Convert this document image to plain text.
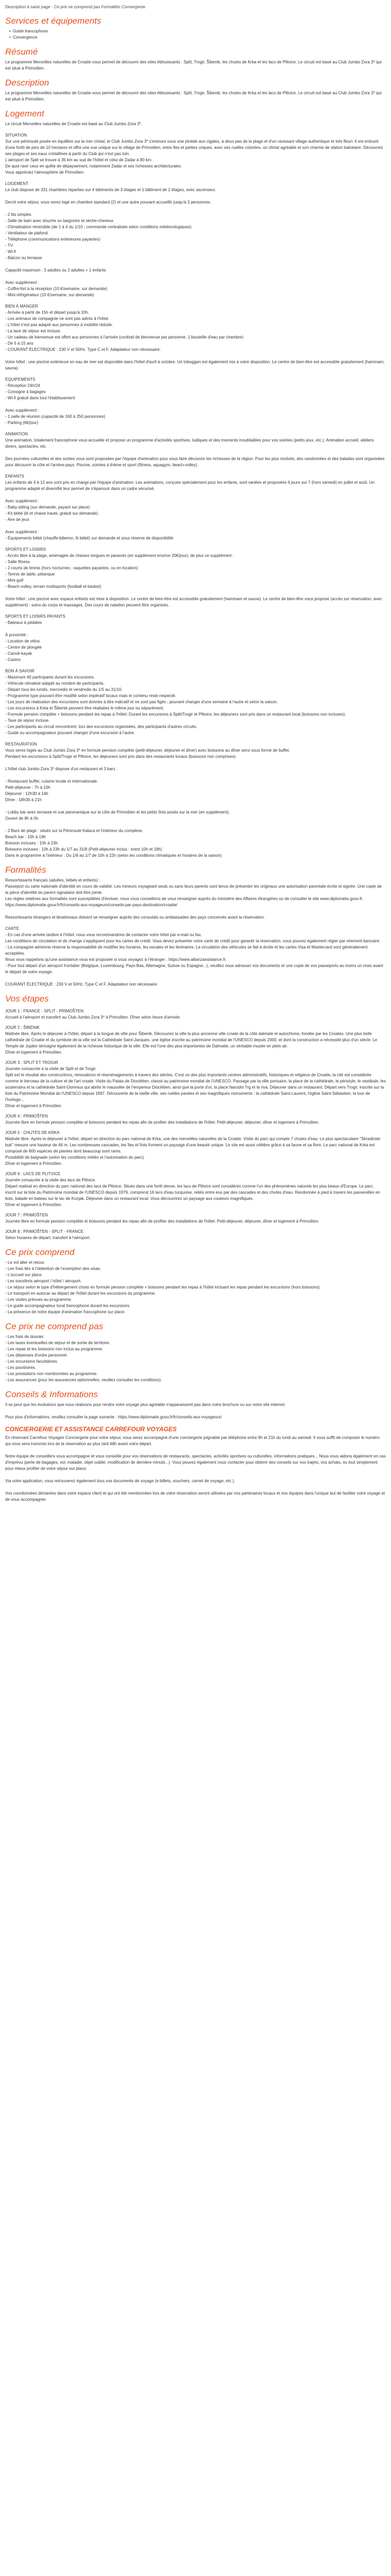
Description à saisir page - Ce prix ne comprend pas Formalités Convergente

Services et équipements
• Guide francophone
• Convergence
Résumé

Le programme Merveilles naturelles de Croatie vous permet de découvrir des sites éblouissants : Split, Trogir, Šibenik, les chutes de Krka et les lacs de Plitvice. Le circuit est basé au Club Jumbo Zora 3* qui est situé à Primošten.

Description

Le programme Merveilles naturelles de Croatie vous permet de découvrir des sites éblouissants : Split, Trogir, Šibenik, les chutes de Krka et les lacs de Plitvice. Le circuit est basé au Club Jumbo Zora 3* qui est situé à Primošten.

Logement

Le circuit Merveilles naturelles de Croatie est basé au Club Jumbo Zora 3*.

SITUATION

Sur une péninsule posée en équilibre sur la mer cristal, le Club Jumbo Zora 3* s'entoure sous une pinède aux cigales, à deux pas de la plage et d'un ravissant village authentique et très fleuri. Il est entouré d'une forêt de pins de 10 hectares et offre une vue unique sur le village de Primošten, entre îles et petites criques, avec ses ruelles colorées, un climat agréable et son charme de station balnéaire. Découvrez ses plages et ses eaux cristallines à partir du Club qui n'est pas loin.
L'aéroport de Split se trouve à 35 km au sud de l'hôtel et celui de Zadar à 80 km.
De quoi ravir ceux en quête de dépaysement, notamment Zadar et ses richesses architecturales.
Vous appréciez l'atmosphère de Primošten.

LOGEMENT

Le club dispose de 331 chambres réparties sur 4 bâtiments de 3 étages et 1 bâtiment de 2 étages, avec ascenseur.

Decrit votre séjour, vous serez logé en chambre standard (2) et une autre pouvant accueillir jusqu'à 3 personnes.

- 2 lits simples
- Salle de bain avec douche ou baignoire et sèche-cheveux
- Climatisation réversible (de 1 à 4 du 1/10 ; commande centralisée selon conditions météorologiques)
- Ventilateur de plafond
- Téléphone (communications extérieures payantes)
- TV
- Wi-fi
- Balcon ou terrasse

Capacité maximum : 3 adultes ou 2 adultes + 1 enfants

Avec supplément :
- Coffre-fort à la réception (10 €/semaine, sur demande)
- Mini-réfrigérateur (10 €/semaine, sur demande)

BIEN À MANGER

- Arrivée à partir de 15h et départ jusqu'à 10h.
- Les animaux de compagnie ne sont pas admis à l'hôtel.
- L'hôtel n'est pas adapté aux personnes à mobilité réduite.
- La taxe de séjour est incluse.
- Un cadeau de bienvenue est offert aux personnes à l'arrivée (cocktail de bienvenue par personne, 1 bouteille d'eau par chambre)
- De 5 à 15 ans
- COURANT ÉLECTRIQUE : 230 V et 50Hz. Type C et F. Adaptateur non nécessaire.

Votre hôtel : une piscine extérieure en eau de mer est disponible dans l'hôtel d'avril à octobre. Un toboggan est également mis à votre disposition. Le centre de bien-être est accessible gratuitement (hammam, sauna).

ÉQUIPEMENTS

- Réception 24h/24
- Consigne à bagages
- Wi-fi gratuit dans tout l'établissement

Avec supplément :
- 1 salle de réunion (capacité de 160 à 250 personnes)
- Parking (6€/jour)

ANIMATION

Une animation, totalement francophone vous accueille et propose un programme d'activités sportives, ludiques et des moments inoubliables pour vos soirées (petits jeux, etc.). Animation accueil, ateliers divers, spectacles, etc.

Des journées culturelles et des sorties vous sont proposées par l'équipe d'animation pour vous faire découvrir les richesses de la région. Pour les plus motivés, des randonnées et des balades sont organisées pour découvrir la côte et l'arrière-pays. Piscine, soirées à thème et sport (fitness, aquagym, beach-volley).

ENFANTS

Les enfants de 4 à 12 ans sont pris en charge par l'équipe d'animation. Les animations, conçues spécialement pour les enfants, sont variées et proposées 6 jours sur 7 (hors samedi) en juillet et août. Un programme adapté et diversifié leur permet de s'épanouir dans un cadre sécurisé.

Avec supplément :
- Baby-sitting (sur demande, payant sur place)
- Kit bébé (lit et chaise haute, gratuit sur demande)
- Aire de jeux

Avec supplément :
- Équipements bébé (chauffe-biberon, lit bébé) sur demande et sous réserve de disponibilité

SPORTS ET LOISIRS

- Accès libre à la plage, aménagée de chaises longues et parasols (en supplément environ 20€/jour), de plus ce supplément :
- Salle fitness
- 2 courts de tennis (hors nocturnes ; raquettes payantes, ou en location)
- Tennis de table, pétanque
- Mini-golf
- Beach-volley, terrain multisports (football et basket)

Votre hôtel : une piscine avec espace enfants est mise à disposition. Le centre de bien-être est accessible gratuitement (hammam et sauna). Le centre de bien-être vous propose (accès sur réservation, avec supplément) : soins du corps et massages. Des cours de natation peuvent être organisés.

SPORTS ET LOISIRS PAYANTS

- Bateaux à pédales

À proximité :
- Location de vélos
- Centre de plongée
- Canoë-kayak
- Casino

BON À SAVOIR

- Maximum 40 participants durant les excursions.
- Véhicule climatisé adapté au nombre de participants.
- Départ tous les lundis, mercredis et vendredis du 1/5 au 31/10.
- Programme type pouvant être modifié selon impératif locaux mais le contenu reste respecté.
- Les jours de réalisation des excursions sont donnés à titre indicatif et ne sont pas figés ; pouvant changer d'une semaine à l'autre et selon la saison.
- Les excursions à Krka et Šibenik peuvent être réalisées le même jour ou séparément.
- Formule pension complète + boissons pendant les repas à l'hôtel. Durant les excursions à Split/Trogir et Plitvice, les déjeuners sont pris dans un restaurant local (boissons non incluses).
- Taxe de séjour incluse.
- Les participants au circuit rencontrent, lors des excursions organisées, des participants d'autres circuits.
- Guide ou accompagnateur pouvant changer d'une excursion à l'autre.

RESTAURATION

Vous serez logés au Club Jumbo Zora 3* en formule pension complète (petit-déjeuner, déjeuner et dîner) avec boissons au dîner servi sous forme de buffet.
Pendant les excursions à Split/Trogir et Plitvice, les déjeuners sont pris dans des restaurants locaux (boissons non comprises).

L'hôtel club Jumbo Zora 3* dispose d'un restaurant et 3 bars :

- Restaurant buffet, cuisine locale et internationale.
Petit-déjeuner : 7h à 10h
Déjeuner : 12h30 à 14h
Dîner : 18h30 à 21h

- Lobby bar avec terrasse et vue panoramique sur la côte de Primošten et les petits îlots posés sur la mer (en supplément).
Ouvert de 8h à 0h.

- 2 Bars de plage : situés sur la Péninsule Kalaca et l'intérieur du complexe.
Beach bar : 10h à 19h
Boisson incluses : 10h à 23h
Boissons incluses : 10h à 23h du 1/7 au 31/8 (Petit-déjeuner inclus : entre 10h et 18h)
Dans le programme à l'intérieur : Du 1/6 au 1/7 de 10h à 22h (selon les conditions climatiques et horaires de la saison)

Formalités

Ressortissants français (adultes, bébés et enfants) :
Passeport ou carte nationale d'identité en cours de validité. Les mineurs voyageant seuls ou sans leurs parents sont tenus de présenter les originaux une autorisation parentale écrite et signée. Une copie de la pièce d'identité du parent signataire doit être jointe.
Les règles relatives aux formalités sont susceptibles d'évoluer, nous vous conseillons de vous renseigner auprès du ministère des Affaires étrangères ou de consulter le site www.diplomatie.gouv.fr.
https://www.diplomatie.gouv.fr/fr/conseils-aux-voyageurs/conseils-par-pays-destination/croatie/

Ressortissants étrangers et binationaux doivent se renseigner auprès des consulats ou ambassades des pays concernés avant la réservation.

CARTE

- En cas d'une arrivée tardive à l'hôtel, nous vous recommandons de contacter votre hôtel par e-mail ou fax.
Les conditions de circulation et de change s'appliquent pour les cartes de crédit. Vous devez présenter votre carte de crédit pour garantir la réservation, vous pouvez également régler par virement bancaire.
- La compagnie aérienne réserve la responsabilité de modifier les horaires, les escales et les itinéraires. La circulation des véhicules se fait à droite et les cartes Visa et Mastercard sont généralement acceptées.
Nous vous rappelons qu'une assistance vous est proposée si vous voyagez à l'étranger : https://www.allianzassistance.fr.
- Pour tout départ d'un aéroport frontalier (Belgique, Luxembourg, Pays-Bas, Allemagne, Suisse ou Espagne...), veuillez nous adresser vos documents et une copie de vos passeports au moins un mois avant le départ de votre voyage.

COURANT ÉLECTRIQUE : 230 V et 50Hz. Type C et F. Adaptateur non nécessaire.

Vos étapes
JOUR 1 : FRANCE - SPLIT - PRIMOŠTEN

Accueil à l'aéroport et transfert au Club Jumbo Zora 3* à Primošten. Dîner selon heure d'arrivée.

JOUR 2 : ŠIBENIK

Matinée libre. Après le déjeuner à l'hôtel, départ à la longue de ville pour Šibenik. Découvrez la ville la plus ancienne ville croate de la côte dalmate et autochtone, fondée par les Croates. Une plus belle cathédrale de Croatie et du symbole de la ville est la Cathédrale Saint-Jacques, une église inscrite au patrimoine mondial de l'UNESCO depuis 2000, et dont la construction a nécessité plus d'un siècle. Le Temple de Jupiter témoigne également de la richesse historique de la ville. Elle est l'une des plus importantes de Dalmatie, un véritable musée en plein air.
Dîner et logement à Primošten.

JOUR 3 : SPLIT ET TROGIR

Journée consacrée à la visite de Split et de Trogir.
Split est le résultat des constructions, rénovations et réaménagements à travers des siècles. C'est un des plus importants centres administratifs, historiques et religieux de Croatie, la cité est considérée comme le berceau de la culture et de l'art croate. Visite du Palais de Dioclétien, classé au patrimoine mondial de l'UNESCO. Passage par la ville portuaire, la place de la cathédrale, le péristyle, le vestibule, les souterrains et la cathédrale Saint-Domnius qui abrite le mausolée de l'empereur Dioclétien, ainsi que la porte d'or, la place Narodni Trg et la riva. Déjeuner dans un restaurant. Départ vers Trogir, inscrite sur la liste du Patrimoine Mondial de l'UNESCO depuis 1997. Découverte de la vieille ville, ses ruelles pavées et ses magnifiques monuments : la cathédrale Saint-Laurent, l'église Saint-Sébastien, la tour de l'horloge...
Dîner et logement à Primošten.

JOUR 4 : PRIMOŠTEN

Journée libre en formule pension complète et boissons pendant les repas afin de profiter des installations de l'hôtel. Petit-déjeuner, déjeuner, dîner et logement à Primošten.

JOUR 5 : CHUTES DE KRKA

Matinée libre. Après le déjeuner à l'hôtel, départ en direction du parc national de Krka, une des merveilles naturelles de la Croatie. Visite du parc qui compte 7 chutes d'eau. Le plus spectaculaire "Skradinski buk" mesure une hauteur de 46 m. Les nombreuses cascades, les îles et îlots forment un paysage d'une beauté unique. Le site est aussi célèbre grâce à sa faune et sa flore. Le parc national de Krka est composé de 800 espèces de plantes dont beaucoup sont rares.
Possibilité de baignade (selon les conditions météo et l'autorisation du parc).
Dîner et logement à Primošten.

JOUR 6 : LACS DE PLITVICE

Journée consacrée à la visite des lacs de Plitvice.
Départ matinal en direction du parc national des lacs de Plitvice. Situés dans une forêt dense, les lacs de Plitvice sont considérés comme l'un des phénomènes naturels les plus beaux d'Europe. Le parc, inscrit sur la liste du Patrimoine mondial de l'UNESCO depuis 1979, comprend 16 lacs d'eau turquoise, reliés entre eux par des cascades et des chutes d'eau. Randonnée à pied à travers les passerelles en bois, balade en bateau sur le lac de Kozjak. Déjeuner dans un restaurant local. Vous découvrirez un paysage aux couleurs magnifiques.
Dîner et logement à Primošten.

JOUR 7 : PRIMOŠTEN

Journée libre en formule pension complète et boissons pendant les repas afin de profiter des installations de l'hôtel. Petit-déjeuner, déjeuner, dîner et logement à Primošten.

JOUR 8 : PRIMOŠTEN - SPLIT - FRANCE

Selon horaires de départ, transfert à l'aéroport.

Ce prix comprend

- Le vol aller et retour.

- Les frais liés à l'obtention de l'exemption des visas.

- L'accueil sur place.

- Les transferts aéroport / hôtel / aéroport.

- Le séjour selon le type d'hébergement choisi en formule pension complète + boissons pendant les repas à l'hôtel incluant les repas pendant les excursions (hors boissons).

- Le transport en autocar au départ de l'hôtel durant les excursions du programme.

- Les visites prévues au programme.

- Le guide accompagnateur local francophone durant les excursions.

- La présence de notre équipe d'animation francophone sur place.

Ce prix ne comprend pas

- Les frais de dossier.

- Les taxes éventuelles de séjour et de sortie de territoire.

- Les repas et les boissons non inclus au programme.

- Les dépenses d'ordre personnel.

- Les excursions facultatives.

- Les pourboires.

- Les prestations non mentionnées au programme.

- Les assurances (pour les assurances optionnelles, veuillez consulter les conditions).

Conseils & Informations

Il se peut que les évolutions que nous réalisons pour rendre votre voyage plus agréable n'apparaissent pas dans notre brochure ou sur notre site internet.

Pour plus d'informations, veuillez consulter la page suivante : https://www.diplomatie.gouv.fr/fr/conseils-aux-voyageurs/

CONCIERGERIE ET ASSISTANCE CARREFOUR VOYAGES

En réservant Carrefour Voyages Conciergerie pour votre séjour, vous serez accompagné d'une conciergerie joignable par téléphone entre 9h et 21h du lundi au samedi. Il vous suffit de composer le numéro qui vous sera transmis lors de la réservation au plus tard 48h avant votre départ.

Notre équipe de conseillers vous accompagne et vous conseille pour vos réservations de restaurants, spectacles, activités sportives ou culturelles, informations pratiques... Nous vous aidons également en cas d'imprévu (perte de bagages, vol, maladie, objet oublié, modification de dernière minute...). Vous pouvez également nous contacter pour obtenir des conseils sur vos trajets, vos achats, ou tout simplement pour mieux profiter de votre séjour sur place.

Via votre application, vous retrouverez également tous vos documents de voyage (e-billets, vouchers, carnet de voyage, etc.).

Vos coordonnées déclarées dans votre espace client et qui ont été mentionnées lors de votre réservation seront utilisées par nos partenaires locaux et nos équipes dans l'unique but de faciliter votre voyage et de vous accompagner.
